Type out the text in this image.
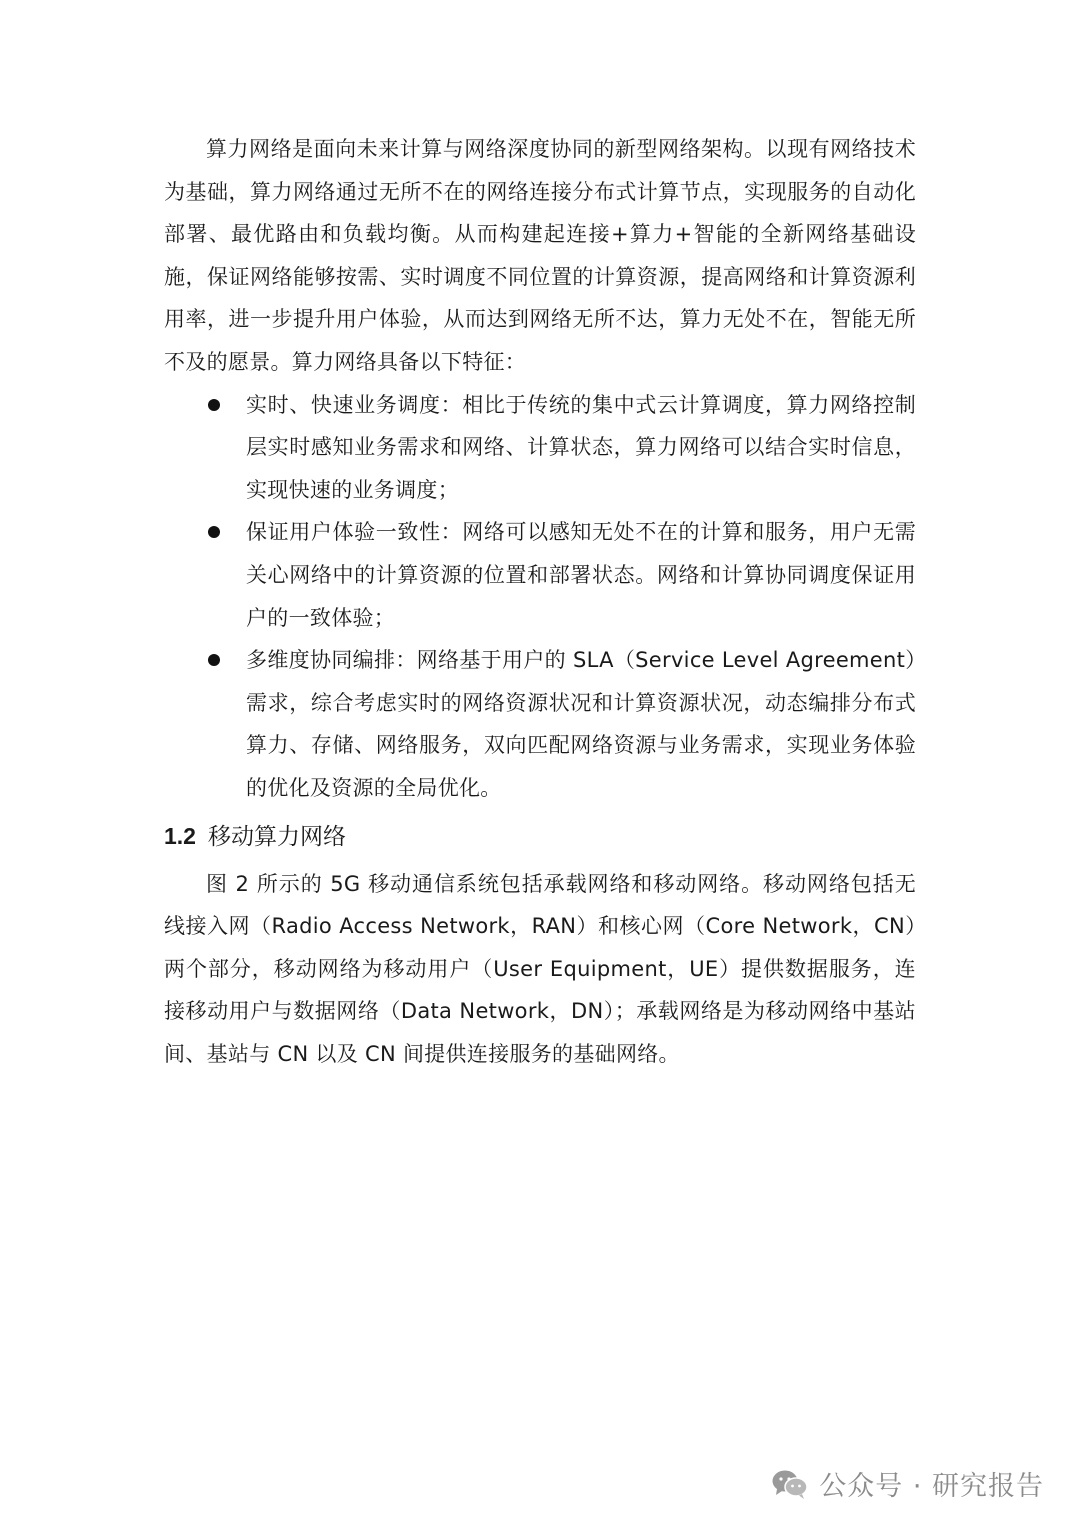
算力网络是面向未来计算与网络深度协同的新型网络架构。以现有网络技术为基础，算力网络通过无所不在的网络连接分布式计算节点，实现服务的自动化部署、最优路由和负载均衡。从而构建起连接+算力+智能的全新网络基础设施，保证网络能够按需、实时调度不同位置的计算资源，提高网络和计算资源利用率，进一步提升用户体验，从而达到网络无所不达，算力无处不在，智能无所不及的愿景。算力网络具备以下特征：

实时、快速业务调度：相比于传统的集中式云计算调度，算力网络控制层实时感知业务需求和网络、计算状态，算力网络可以结合实时信息，实现快速的业务调度；
保证用户体验一致性：网络可以感知无处不在的计算和服务，用户无需关心网络中的计算资源的位置和部署状态。网络和计算协同调度保证用户的一致体验；
多维度协同编排：网络基于用户的 SLA（Service Level Agreement）需求，综合考虑实时的网络资源状况和计算资源状况，动态编排分布式算力、存储、网络服务，双向匹配网络资源与业务需求，实现业务体验的优化及资源的全局优化。
1.2 移动算力网络

图 2 所示的 5G 移动通信系统包括承载网络和移动网络。移动网络包括无线接入网（Radio Access Network，RAN）和核心网（Core Network，CN）两个部分，移动网络为移动用户（User Equipment，UE）提供数据服务，连接移动用户与数据网络（Data Network，DN）；承载网络是为移动网络中基站间、基站与 CN 以及 CN 间提供连接服务的基础网络。

公众号 · 研究报告
